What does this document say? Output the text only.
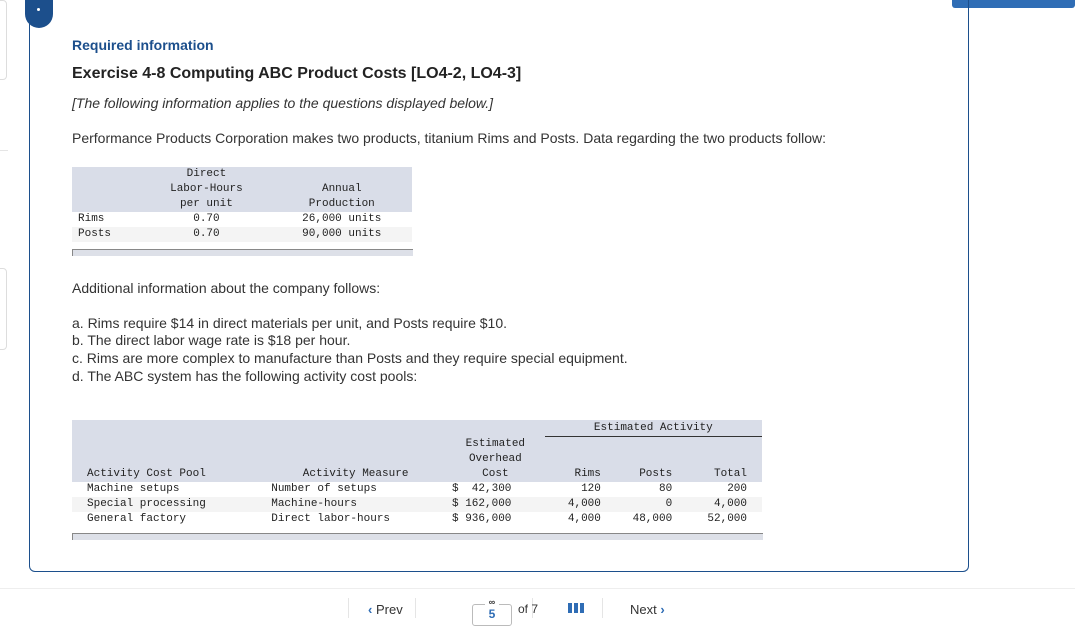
Required information
Exercise 4-8 Computing ABC Product Costs [LO4-2, LO4-3]
[The following information applies to the questions displayed below.]
Performance Products Corporation makes two products, titanium Rims and Posts. Data regarding the two products follow:
	Direct
Labor-Hours
per unit	Annual
Production
Rims	0.70	26,000 units
Posts	0.70	90,000 units
Additional information about the company follows:
a. Rims require $14 in direct materials per unit, and Posts require $10.
b. The direct labor wage rate is $18 per hour.
c. Rims are more complex to manufacture than Posts and they require special equipment.
d. The ABC system has the following activity cost pools:
			Estimated Activity		
Activity Cost Pool	Activity Measure	Estimated
Overhead
Cost	Rims	Posts	Total
Machine setups	Number of setups	$  42,300	120	80	200
Special processing	Machine-hours	$ 162,000	4,000	0	4,000
General factory	Direct labor-hours	$ 936,000	4,000	48,000	52,000
‹ Prev	∞
5	of 7	Next ›
